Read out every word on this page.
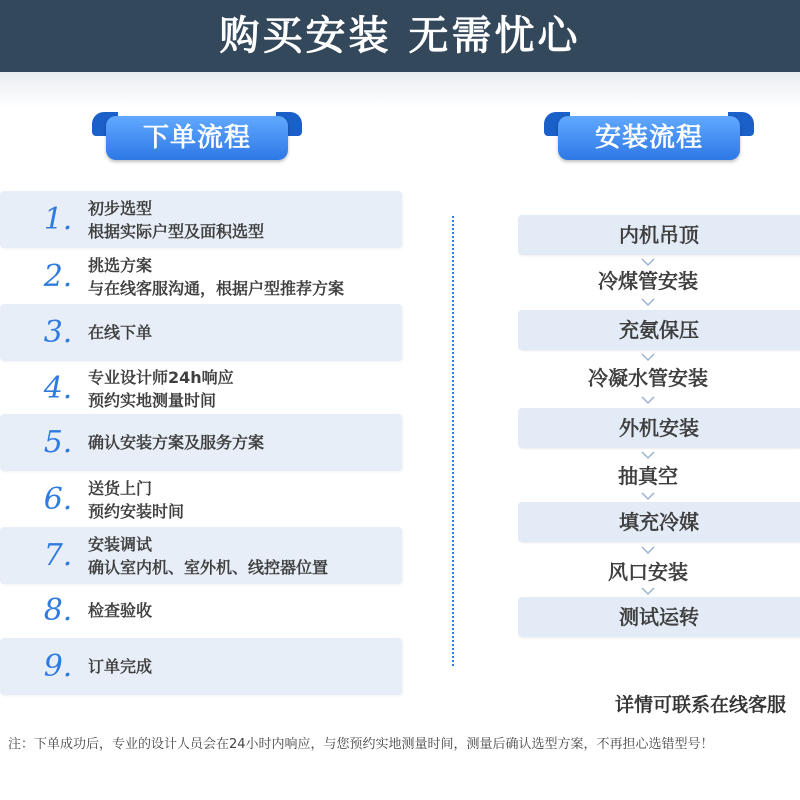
购买安装 无需忧心
下单流程	安装流程
1. 初步选型
根据实际户型及面积选型
2. 挑选方案
与在线客服沟通，根据户型推荐方案
3. 在线下单
4. 专业设计师24h响应
预约实地测量时间
5. 确认安装方案及服务方案
6. 送货上门
预约安装时间
7. 安装调试
确认室内机、室外机、线控器位置
8. 检查验收
9. 订单完成
内机吊顶
冷煤管安装
充氨保压
冷凝水管安装
外机安装
抽真空
填充冷媒
风口安装
测试运转
详情可联系在线客服
注：下单成功后，专业的设计人员会在24小时内响应，与您预约实地测量时间，测量后确认选型方案，不再担心选错型号！
